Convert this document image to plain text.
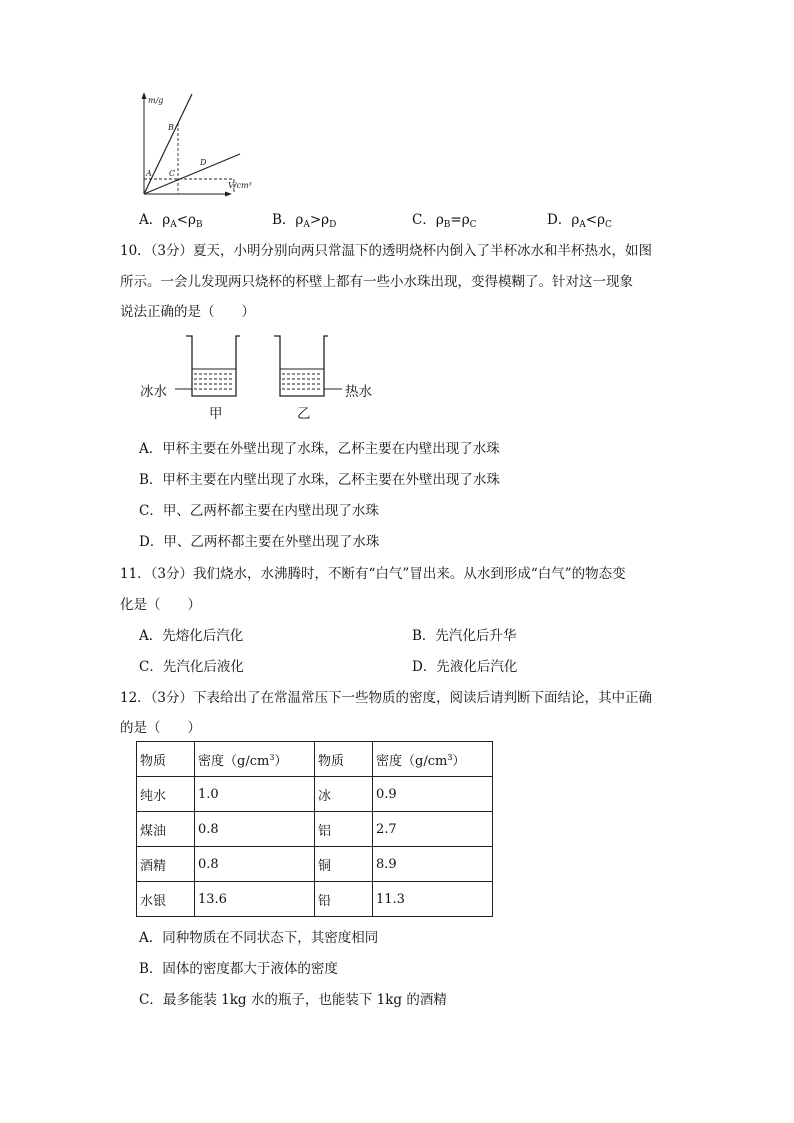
m/g
V/cm³
A
B
C
D
A．$\rho_A<\rho_B$	B．$\rho_A>\rho_D$	C．$\rho_B=\rho_C$	D．$\rho_A<\rho_C$
10．（3分）夏天，小明分别向两只常温下的透明烧杯内倒入了半杯冰水和半杯热水，如图
所示。一会儿发现两只烧杯的杯壁上都有一些小水珠出现，变得模糊了。针对这一现象
说法正确的是（　　）
冰水	热水
甲	乙
A．甲杯主要在外壁出现了水珠，乙杯主要在内壁出现了水珠
B．甲杯主要在内壁出现了水珠，乙杯主要在外壁出现了水珠
C．甲、乙两杯都主要在内壁出现了水珠
D．甲、乙两杯都主要在外壁出现了水珠
11．（3分）我们烧水，水沸腾时，不断有“白气”冒出来。从水到形成“白气”的物态变
化是（　　）
A．先熔化后汽化	B．先汽化后升华
C．先汽化后液化	D．先液化后汽化
12．（3分）下表给出了在常温常压下一些物质的密度，阅读后请判断下面结论，其中正确
的是（　　）
物质	密度$(g/cm^3)$	物质	密度$(g/cm^3)$
纯水	1.0	冰	0.9
煤油	0.8	铝	2.7
酒精	0.8	铜	8.9
水银	13.6	铅	11.3
A．同种物质在不同状态下，其密度相同
B．固体的密度都大于液体的密度
C．最多能装 1kg 水的瓶子，也能装下 1kg 的酒精
